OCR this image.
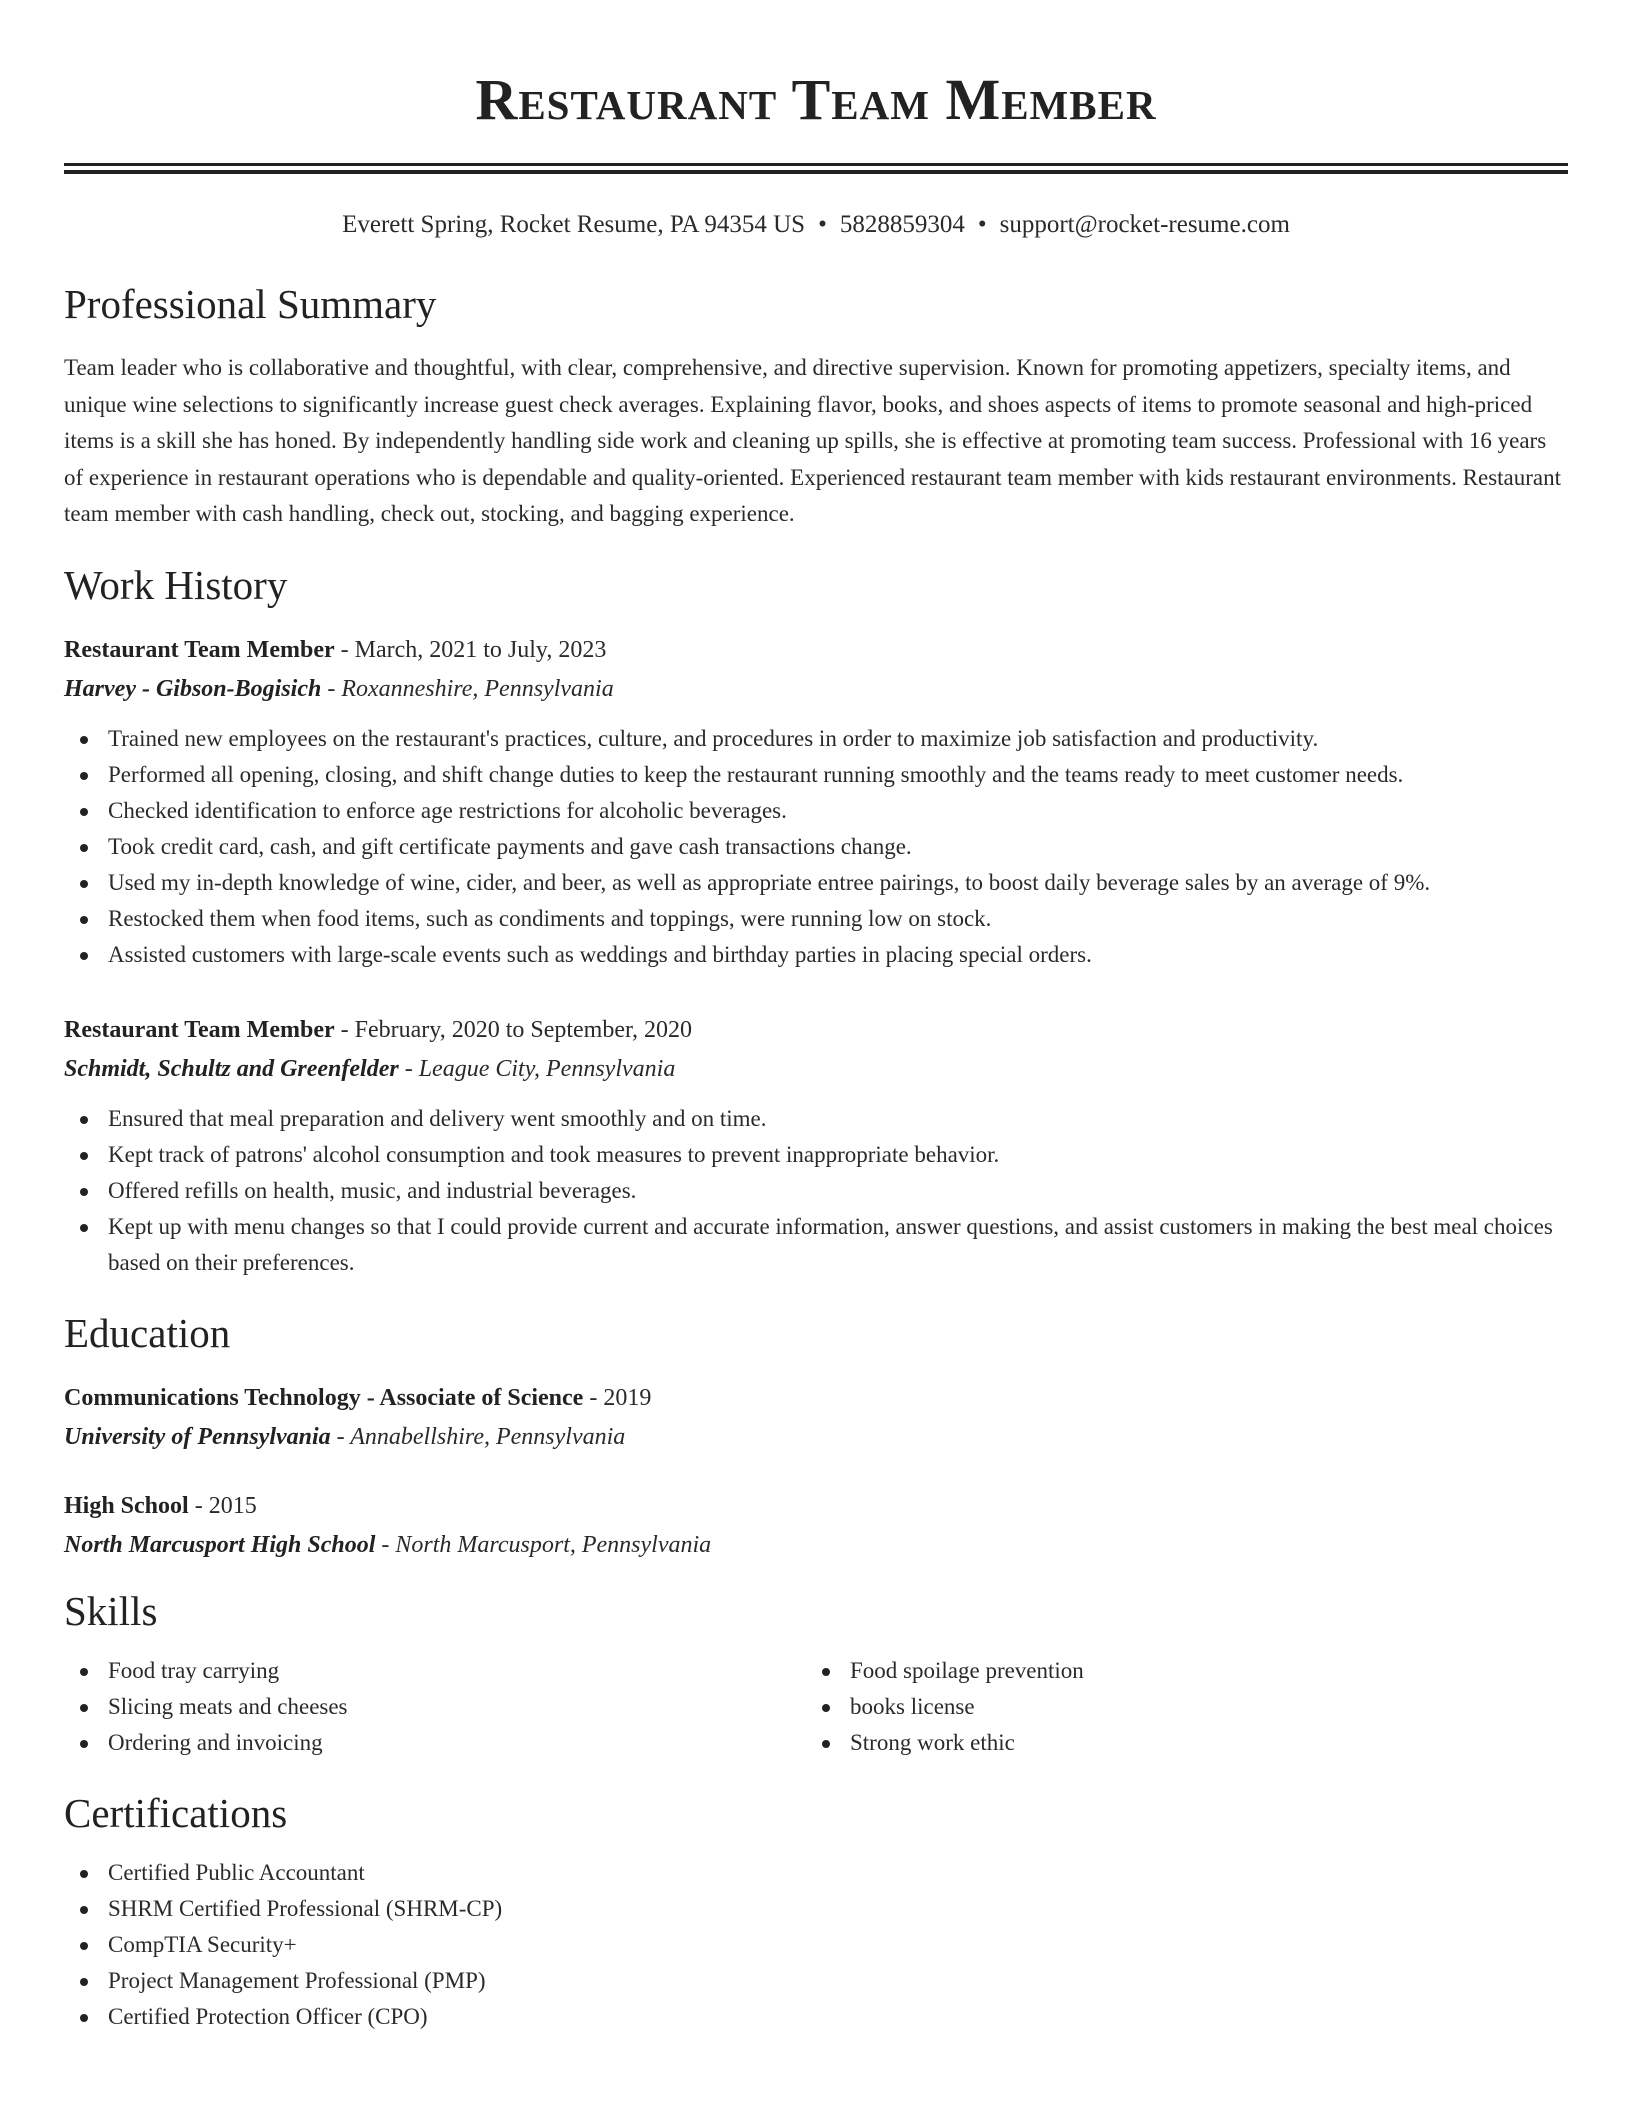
Restaurant Team Member
Everett Spring, Rocket Resume, PA 94354 US • 5828859304 • support@rocket-resume.com
Professional Summary

Team leader who is collaborative and thoughtful, with clear, comprehensive, and directive supervision. Known for promoting appetizers, specialty items, and unique wine selections to significantly increase guest check averages. Explaining flavor, books, and shoes aspects of items to promote seasonal and high-priced items is a skill she has honed. By independently handling side work and cleaning up spills, she is effective at promoting team success. Professional with 16 years of experience in restaurant operations who is dependable and quality-oriented. Experienced restaurant team member with kids restaurant environments. Restaurant team member with cash handling, check out, stocking, and bagging experience.

Work History
Restaurant Team Member - March, 2021 to July, 2023
Harvey - Gibson-Bogisich - Roxanneshire, Pennsylvania
Trained new employees on the restaurant's practices, culture, and procedures in order to maximize job satisfaction and productivity.
Performed all opening, closing, and shift change duties to keep the restaurant running smoothly and the teams ready to meet customer needs.
Checked identification to enforce age restrictions for alcoholic beverages.
Took credit card, cash, and gift certificate payments and gave cash transactions change.
Used my in-depth knowledge of wine, cider, and beer, as well as appropriate entree pairings, to boost daily beverage sales by an average of 9%.
Restocked them when food items, such as condiments and toppings, were running low on stock.
Assisted customers with large-scale events such as weddings and birthday parties in placing special orders.
Restaurant Team Member - February, 2020 to September, 2020
Schmidt, Schultz and Greenfelder - League City, Pennsylvania
Ensured that meal preparation and delivery went smoothly and on time.
Kept track of patrons' alcohol consumption and took measures to prevent inappropriate behavior.
Offered refills on health, music, and industrial beverages.
Kept up with menu changes so that I could provide current and accurate information, answer questions, and assist customers in making the best meal choices based on their preferences.
Education
Communications Technology - Associate of Science - 2019
University of Pennsylvania - Annabellshire, Pennsylvania
High School - 2015
North Marcusport High School - North Marcusport, Pennsylvania
Skills
Food tray carrying
Slicing meats and cheeses
Ordering and invoicing
Food spoilage prevention
books license
Strong work ethic
Certifications
Certified Public Accountant
SHRM Certified Professional (SHRM-CP)
CompTIA Security+
Project Management Professional (PMP)
Certified Protection Officer (CPO)
